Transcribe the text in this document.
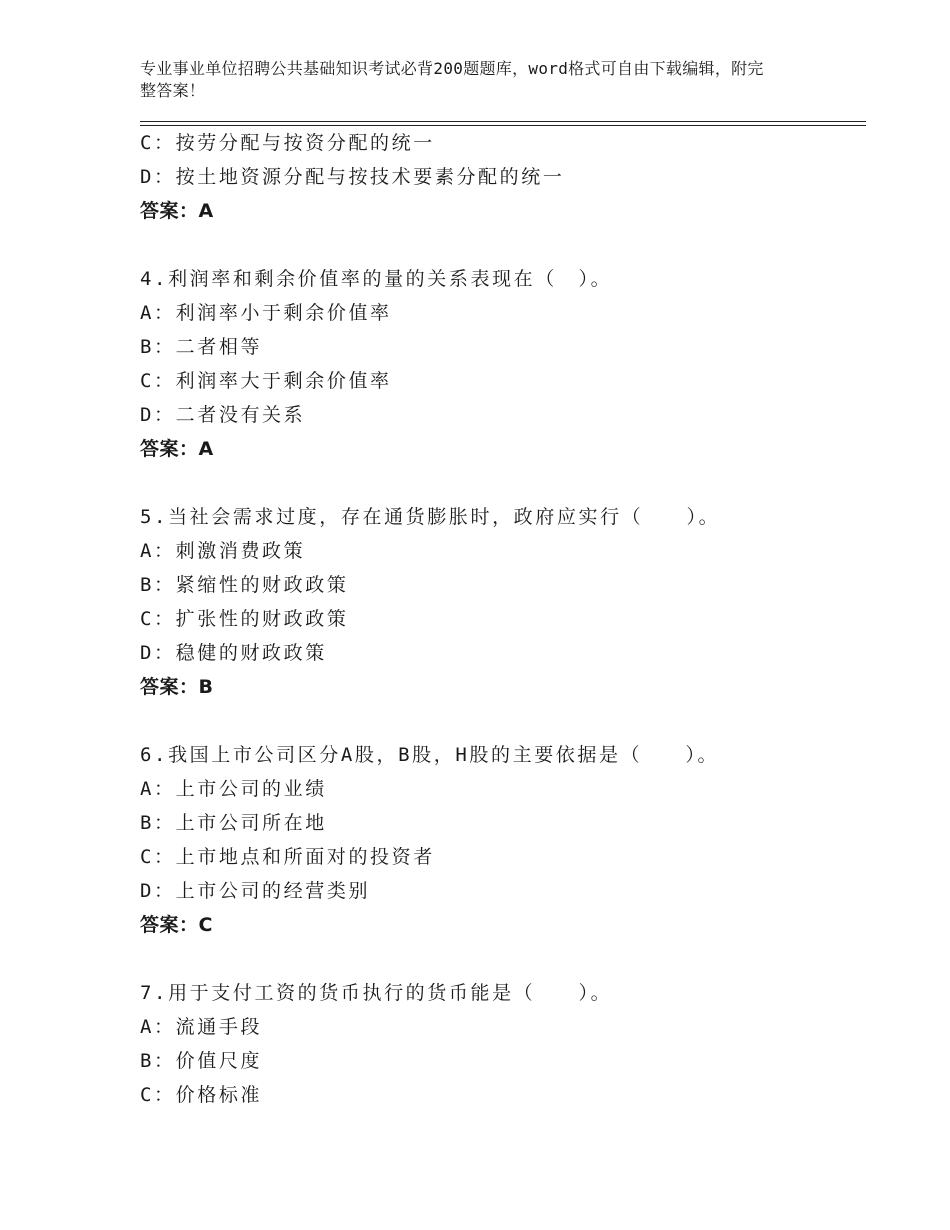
专业事业单位招聘公共基础知识考试必背200题题库，word格式可自由下载编辑，附完整答案！
C：按劳分配与按资分配的统一
D：按土地资源分配与按技术要素分配的统一
答案：A
4.利润率和剩余价值率的量的关系表现在（　）。
A：利润率小于剩余价值率
B：二者相等
C：利润率大于剩余价值率
D：二者没有关系
答案：A
5.当社会需求过度，存在通货膨胀时，政府应实行（　　）。
A：刺激消费政策
B：紧缩性的财政政策
C：扩张性的财政政策
D：稳健的财政政策
答案：B
6.我国上市公司区分A股，B股，H股的主要依据是（　　）。
A：上市公司的业绩
B：上市公司所在地
C：上市地点和所面对的投资者
D：上市公司的经营类别
答案：C
7.用于支付工资的货币执行的货币能是（　　）。
A：流通手段
B：价值尺度
C：价格标准
